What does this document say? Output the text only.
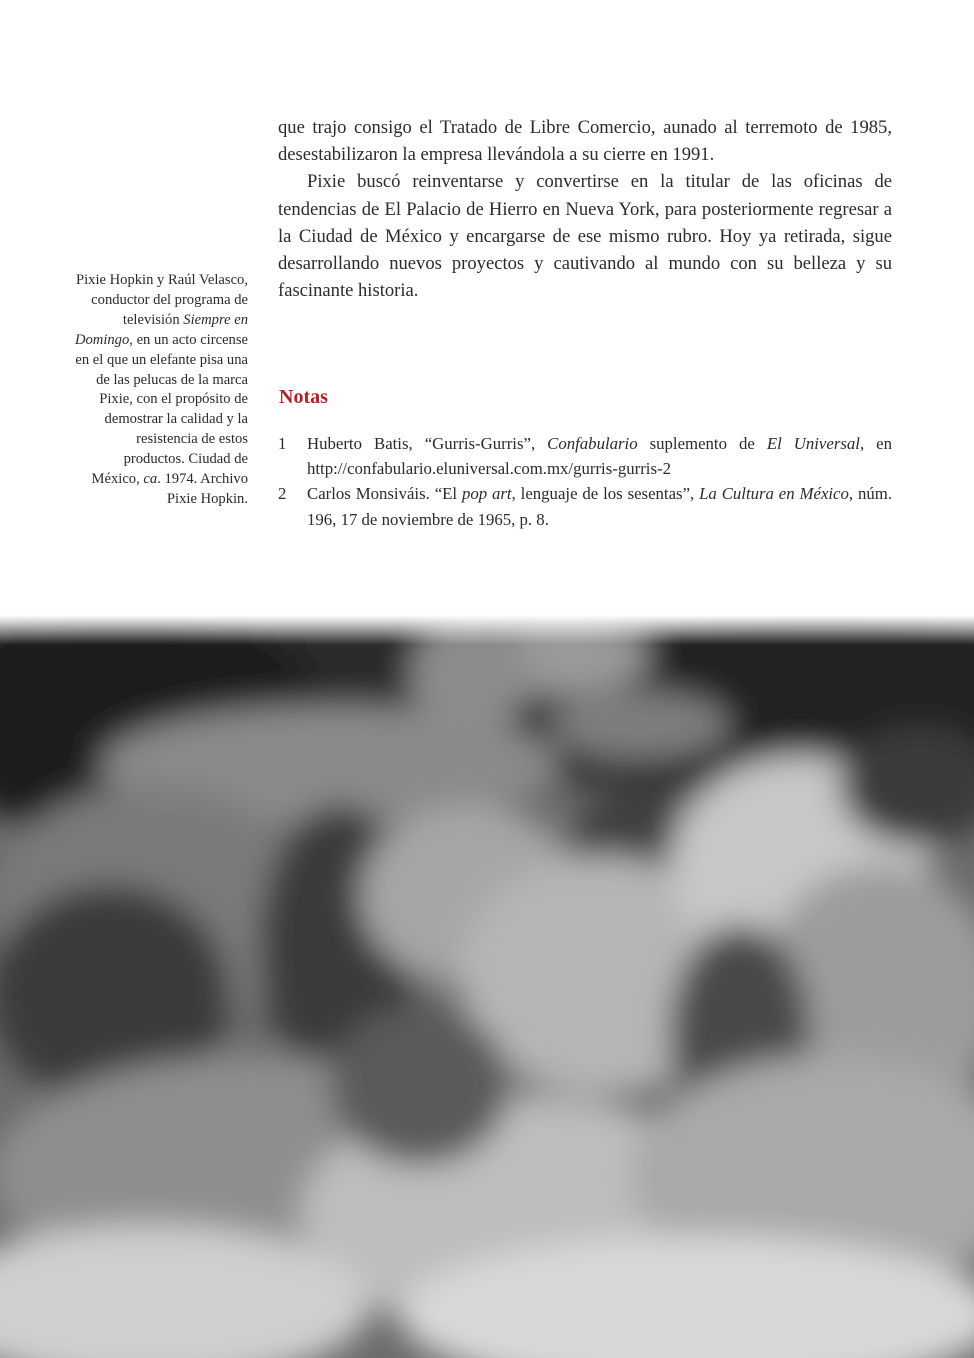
que trajo consigo el Tratado de Libre Comercio, aunado al terremoto de 1985, desestabilizaron la empresa llevándola a su cierre en 1991.

Pixie buscó reinventarse y convertirse en la titular de las oficinas de tendencias de El Palacio de Hierro en Nueva York, para posteriormente regresar a la Ciudad de México y encargarse de ese mismo rubro. Hoy ya retirada, sigue desarrollando nuevos proyectos y cautivando al mundo con su belleza y su fascinante historia.

Pixie Hopkin y Raúl Velasco, conductor del programa de televisión Siempre en Domingo, en un acto circense en el que un elefante pisa una de las pelucas de la marca Pixie, con el propósito de demostrar la calidad y la resistencia de estos productos. Ciudad de México, ca. 1974. Archivo Pixie Hopkin.
Notas
1 Huberto Batis, “Gurris-Gurris”, Confabulario suplemento de El Universal, en http://confabulario.eluniversal.com.mx/gurris-gurris-2
2 Carlos Monsiváis. “El pop art, lenguaje de los sesentas”, La Cultura en México, núm. 196, 17 de noviembre de 1965, p. 8.
